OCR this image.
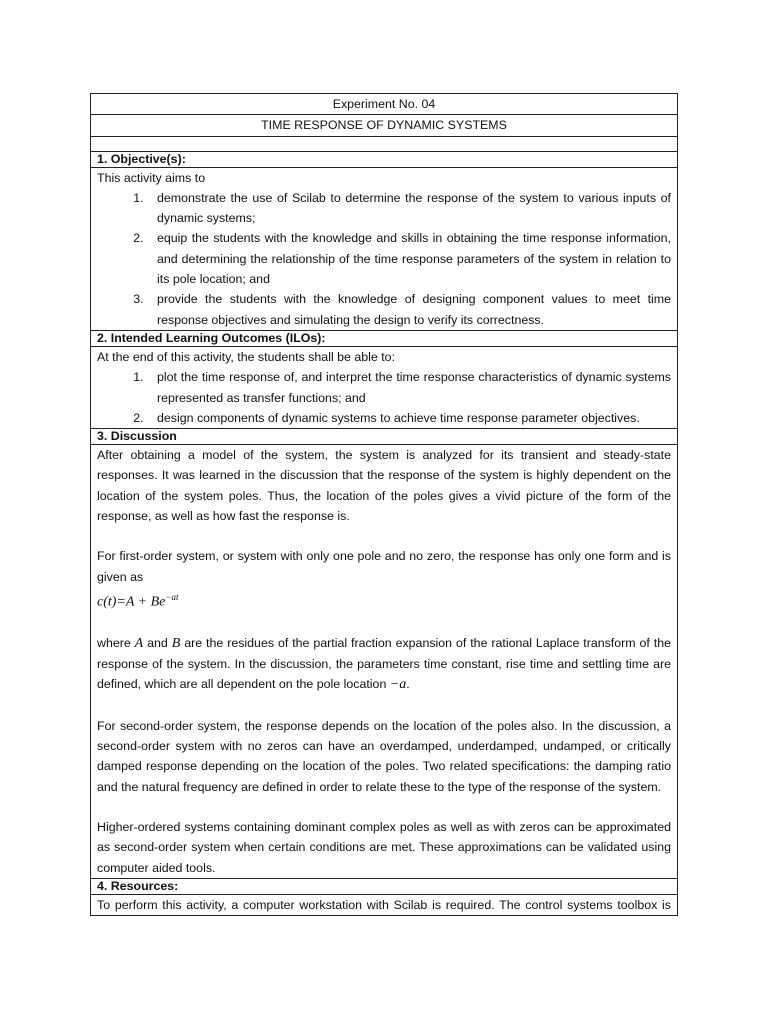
Experiment No. 04
TIME RESPONSE OF DYNAMIC SYSTEMS

1. Objective(s):

This activity aims to

1. demonstrate the use of Scilab to determine the response of the system to various inputs of dynamic systems;
2. equip the students with the knowledge and skills in obtaining the time response information, and determining the relationship of the time response parameters of the system in relation to its pole location; and
3. provide the students with the knowledge of designing component values to meet time response objectives and simulating the design to verify its correctness.

2. Intended Learning Outcomes (ILOs):

At the end of this activity, the students shall be able to:

1. plot the time response of, and interpret the time response characteristics of dynamic systems represented as transfer functions; and
2. design components of dynamic systems to achieve time response parameter objectives.

3. Discussion

After obtaining a model of the system, the system is analyzed for its transient and steady-state responses. It was learned in the discussion that the response of the system is highly dependent on the location of the system poles. Thus, the location of the poles gives a vivid picture of the form of the response, as well as how fast the response is.

For first-order system, or system with only one pole and no zero, the response has only one form and is given as

$c(t)=A + Be^{-at}$

where A and B are the residues of the partial fraction expansion of the rational Laplace transform of the response of the system. In the discussion, the parameters time constant, rise time and settling time are defined, which are all dependent on the pole location −a.

For second-order system, the response depends on the location of the poles also. In the discussion, a second-order system with no zeros can have an overdamped, underdamped, undamped, or critically damped response depending on the location of the poles. Two related specifications: the damping ratio and the natural frequency are defined in order to relate these to the type of the response of the system.

Higher-ordered systems containing dominant complex poles as well as with zeros can be approximated as second-order system when certain conditions are met. These approximations can be validated using computer aided tools.

4. Resources:

To perform this activity, a computer workstation with Scilab is required. The control systems toolbox is
